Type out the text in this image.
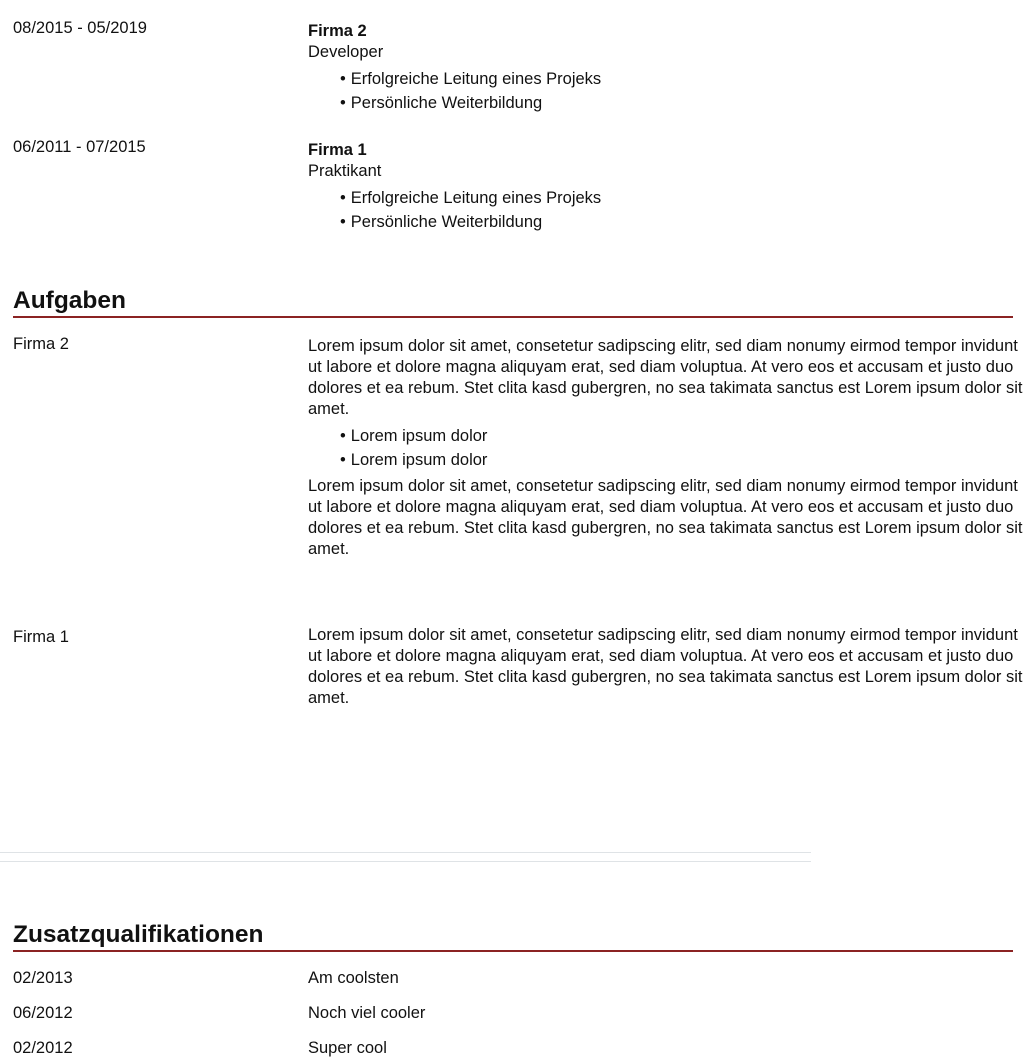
08/2015 - 05/2019	Firma 2
Developer
• Erfolgreiche Leitung eines Projeks
• Persönliche Weiterbildung
06/2011 - 07/2015	Firma 1
Praktikant
• Erfolgreiche Leitung eines Projeks
• Persönliche Weiterbildung
Aufgaben
Firma 2	Lorem ipsum dolor sit amet, consetetur sadipscing elitr, sed diam nonumy eirmod tempor invidunt ut labore et dolore magna aliquyam erat, sed diam voluptua. At vero eos et accusam et justo duo dolores et ea rebum. Stet clita kasd gubergren, no sea takimata sanctus est Lorem ipsum dolor sit amet.
• Lorem ipsum dolor
• Lorem ipsum dolor
Lorem ipsum dolor sit amet, consetetur sadipscing elitr, sed diam nonumy eirmod tempor invidunt ut labore et dolore magna aliquyam erat, sed diam voluptua. At vero eos et accusam et justo duo dolores et ea rebum. Stet clita kasd gubergren, no sea takimata sanctus est Lorem ipsum dolor sit amet.
Firma 1	Lorem ipsum dolor sit amet, consetetur sadipscing elitr, sed diam nonumy eirmod tempor invidunt ut labore et dolore magna aliquyam erat, sed diam voluptua. At vero eos et accusam et justo duo dolores et ea rebum. Stet clita kasd gubergren, no sea takimata sanctus est Lorem ipsum dolor sit amet.
Zusatzqualifikationen
02/2013	Am coolsten
06/2012	Noch viel cooler
02/2012	Super cool
